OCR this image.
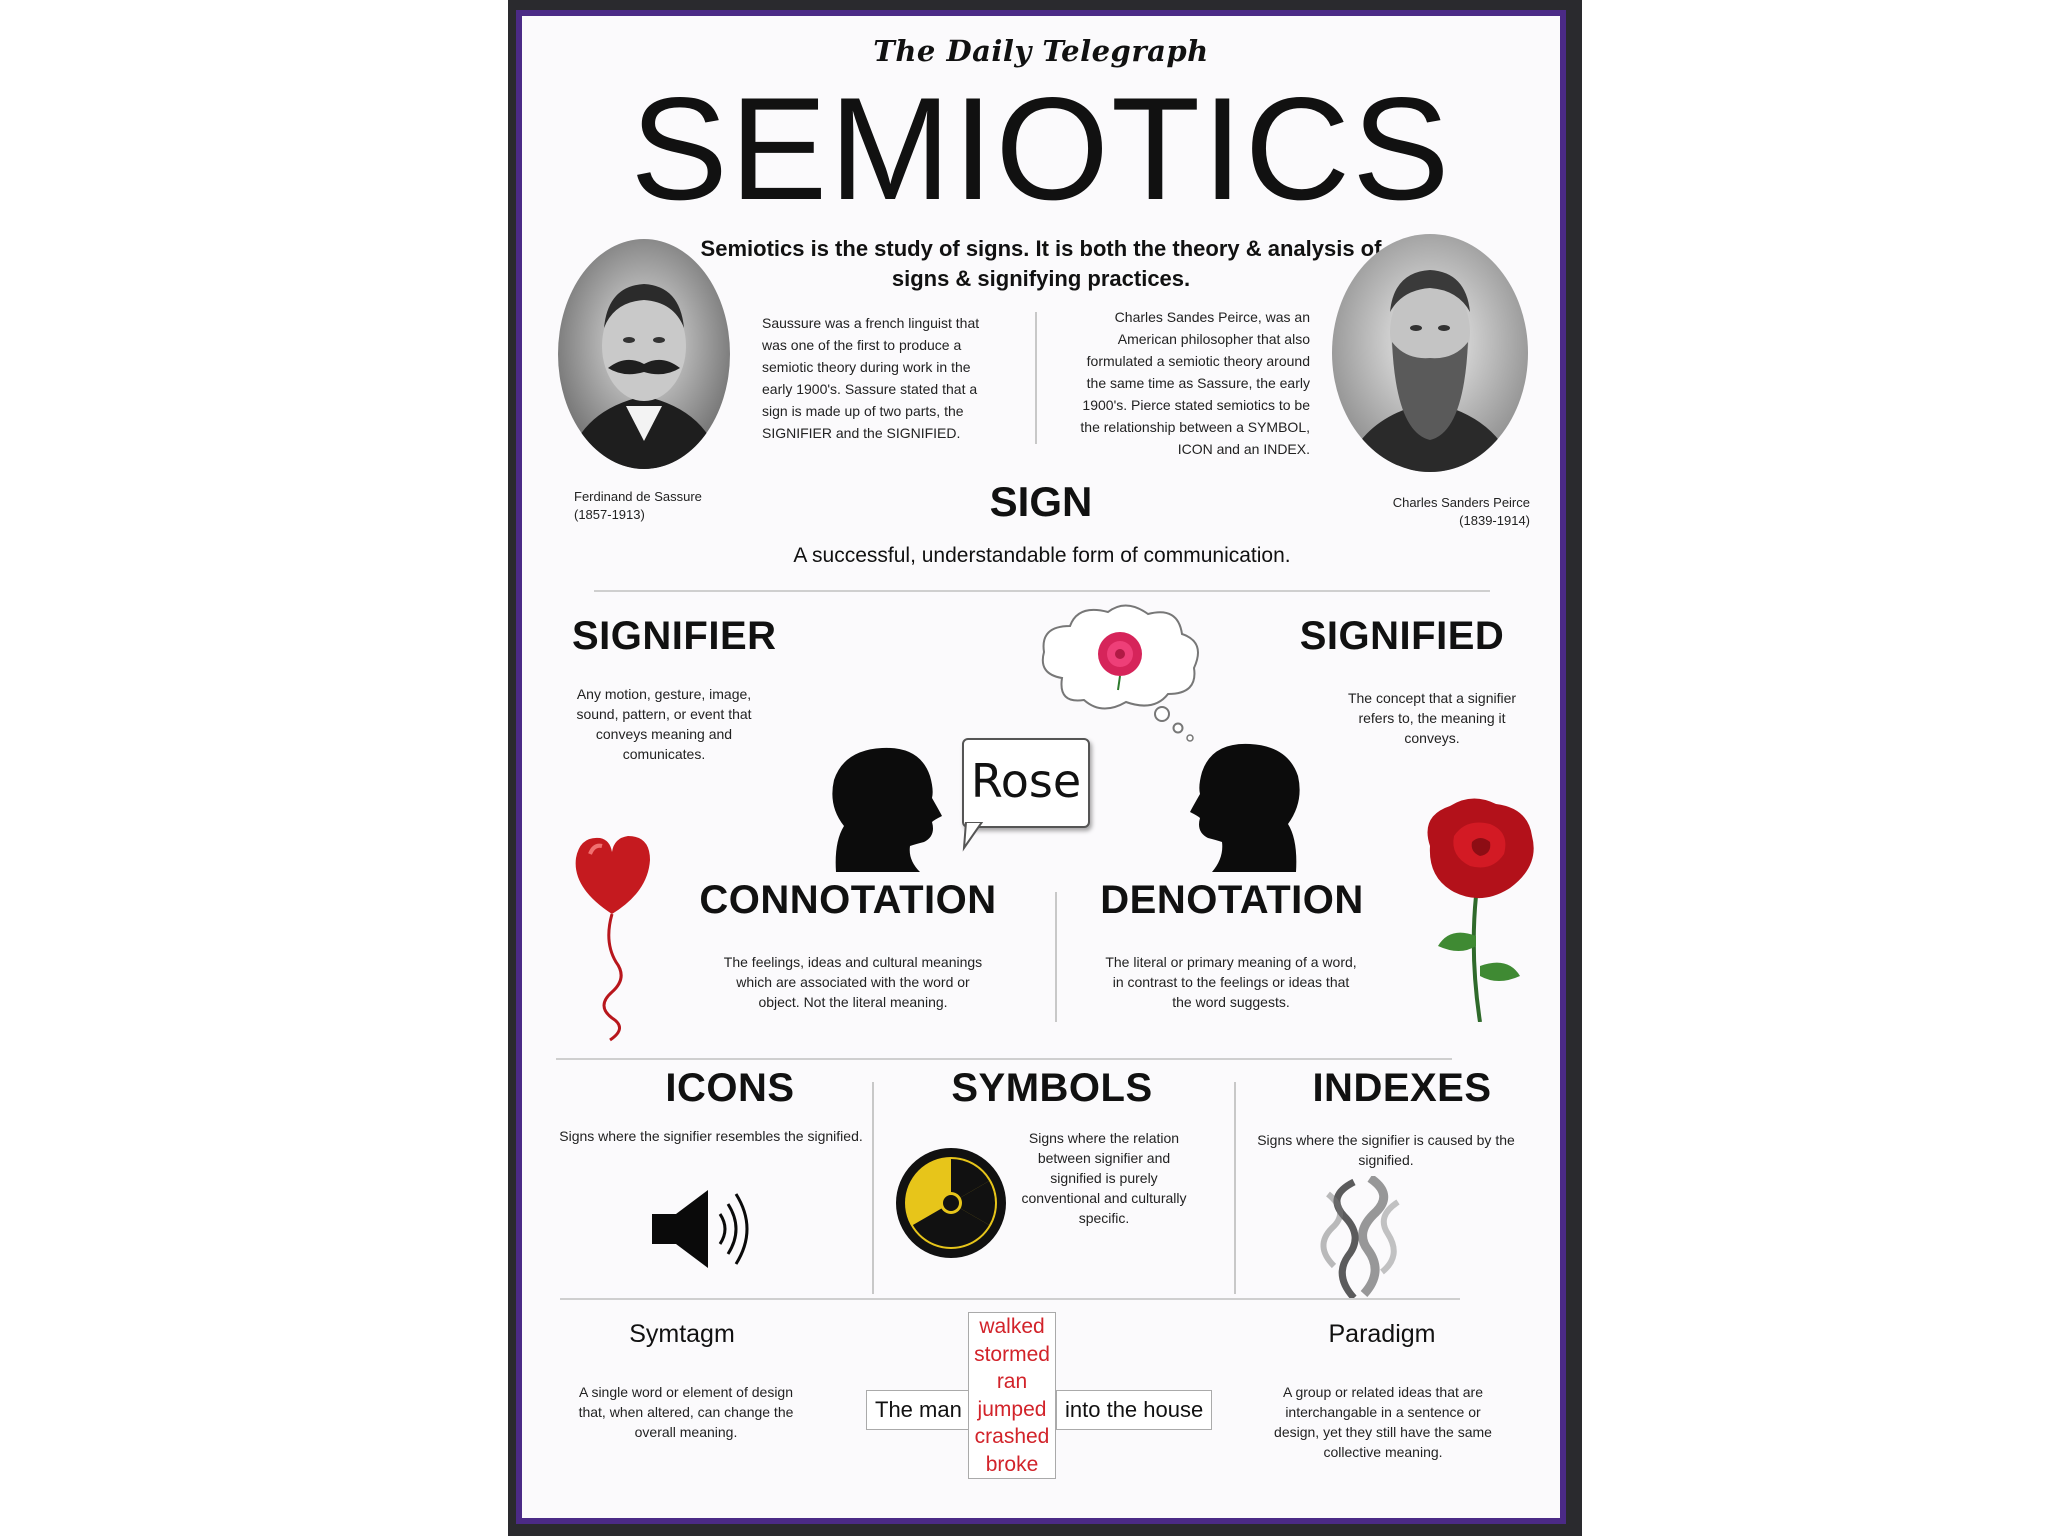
The Daily Telegraph
SEMIOTICS
Semiotics is the study of signs. It is both the theory & analysis of signs & signifying practices.
Saussure was a french linguist that was one of the first to produce a semiotic theory during work in the early 1900's. Sassure stated that a sign is made up of two parts, the SIGNIFIER and the SIGNIFIED.
Charles Sandes Peirce, was an American philosopher that also formulated a semiotic theory around the same time as Sassure, the early 1900's. Pierce stated semiotics to be the relationship between a SYMBOL, ICON and an INDEX.
Ferdinand de Sassure
(1857-1913)
Charles Sanders Peirce
(1839-1914)
SIGN
A successful, understandable form of communication.
SIGNIFIER
Any motion, gesture, image, sound, pattern, or event that conveys meaning and comunicates.
SIGNIFIED
The concept that a signifier refers to, the meaning it conveys.
Rose
CONNOTATION
The feelings, ideas and cultural meanings which are associated with the word or object. Not the literal meaning.
DENOTATION
The literal or primary meaning of a word, in contrast to the feelings or ideas that the word suggests.
ICONS
Signs where the signifier resembles the signified.
SYMBOLS
Signs where the relation between signifier and signified is purely conventional and culturally specific.
INDEXES
Signs where the signifier is caused by the signified.
Symtagm
A single word or element of design that, when altered, can change the overall meaning.
Paradigm
A group or related ideas that are interchangable in a sentence or design, yet they still have the same collective meaning.
The man
walked
stormed
ran
jumped
crashed
broke
into the house
